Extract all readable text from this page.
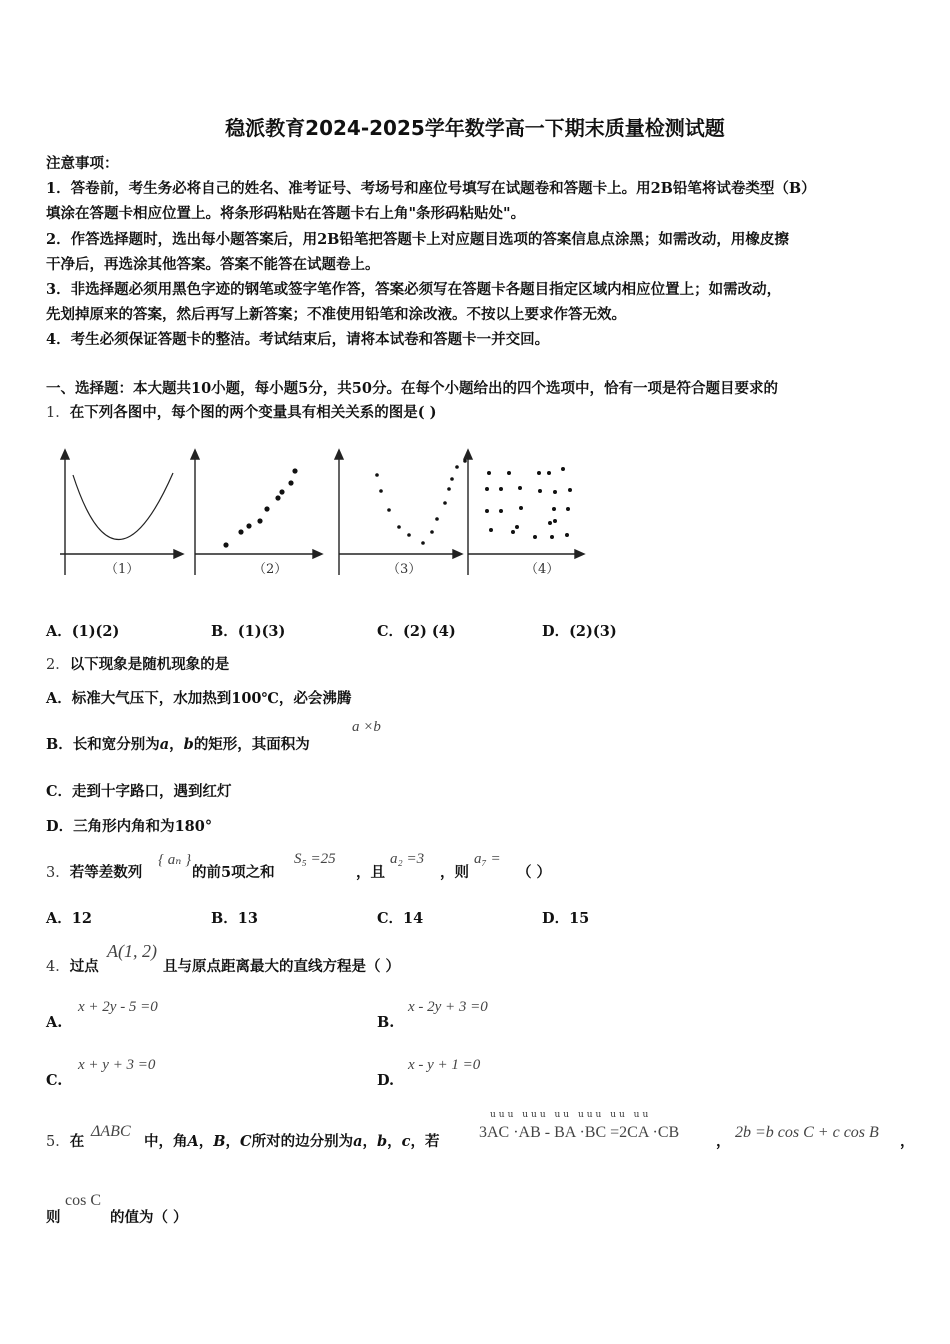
稳派教育2024-2025学年数学高一下期末质量检测试题
注意事项：
1．答卷前，考生务必将自己的姓名、准考证号、考场号和座位号填写在试题卷和答题卡上。用2B铅笔将试卷类型（B）
填涂在答题卡相应位置上。将条形码粘贴在答题卡右上角"条形码粘贴处"。
2．作答选择题时，选出每小题答案后，用2B铅笔把答题卡上对应题目选项的答案信息点涂黑；如需改动，用橡皮擦
干净后，再选涂其他答案。答案不能答在试题卷上。
3．非选择题必须用黑色字迹的钢笔或签字笔作答，答案必须写在答题卡各题目指定区域内相应位置上；如需改动，
先划掉原来的答案，然后再写上新答案；不准使用铅笔和涂改液。不按以上要求作答无效。
4．考生必须保证答题卡的整洁。考试结束后，请将本试卷和答题卡一并交回。
一、选择题：本大题共10小题，每小题5分，共50分。在每个小题给出的四个选项中，恰有一项是符合题目要求的
1．在下列各图中，每个图的两个变量具有相关关系的图是( )
（1）	（2）	（3）	（4）
A．(1)(2)	B．(1)(3)	C．(2) (4)	D．(2)(3)
2．以下现象是随机现象的是
A．标准大气压下，水加热到100℃，必会沸腾
B．长和宽分别为a，b的矩形，其面积为
a ×b
C．走到十字路口，遇到红灯
D．三角形内角和为180°
3．若等差数列
{ aₙ }
的前5项之和
S₅ =25
，且
a₂ =3
，则
a₇ =
（ ）
A．12	B．13	C．14	D．15
4．过点
A(1, 2)
且与原点距离最大的直线方程是（ ）
A.
x + 2y - 5 =0
B.
x - 2y + 3 =0
C.
x + y + 3 =0
D.
x - y + 1 =0
5．在
ΔABC
中，角A，B，C所对的边分别为a，b，c，若
uuu uuu uu uuu uu uu
3AC ·AB - BA ·BC =2CA ·CB
，
2b =b cos C + c cos B
，
则
cos C
的值为（ ）
